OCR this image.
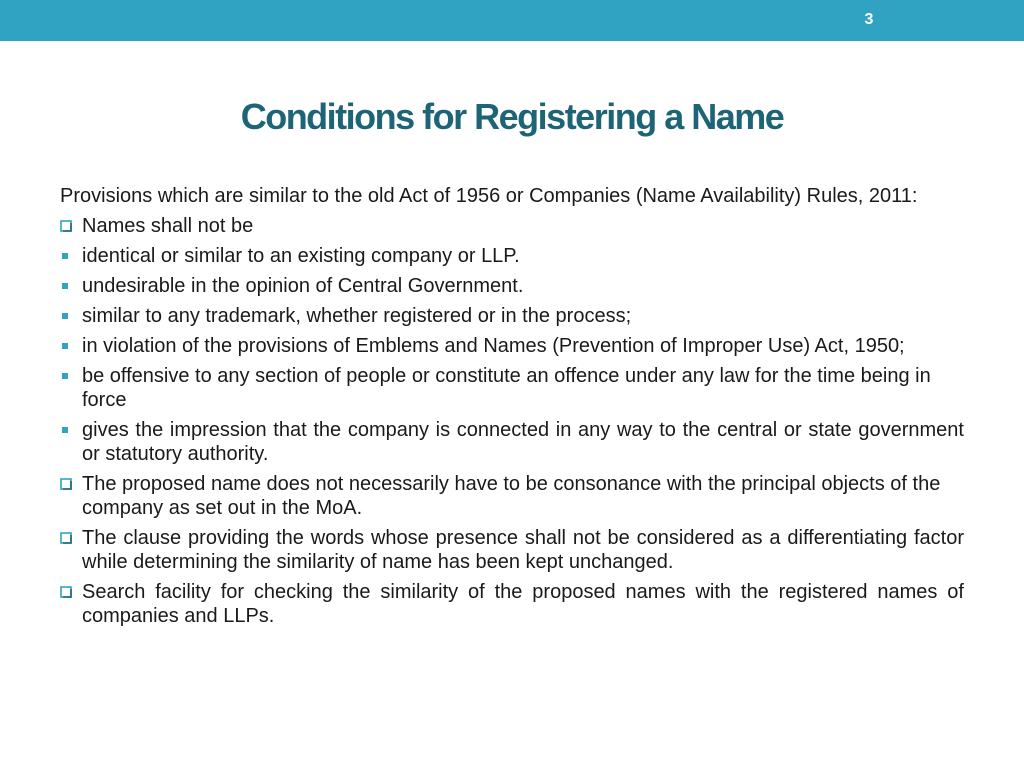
3
Conditions for Registering a Name

Provisions which are similar to the old Act of 1956 or Companies (Name Availability) Rules, 2011:

Names shall not be
identical or similar to an existing company or LLP.
undesirable in the opinion of Central Government.
similar to any trademark, whether registered or in the process;
in violation of the provisions of Emblems and Names (Prevention of Improper Use) Act, 1950;
be offensive to any section of people or constitute an offence under any law for the time being in force
gives the impression that the company is connected in any way to the central or state government or statutory authority.
The proposed name does not necessarily have to be consonance with the principal objects of the company as set out in the MoA.
The clause providing the words whose presence shall not be considered as a differentiating factor while determining the similarity of name has been kept unchanged.
Search facility for checking the similarity of the proposed names with the registered names of companies and LLPs.
